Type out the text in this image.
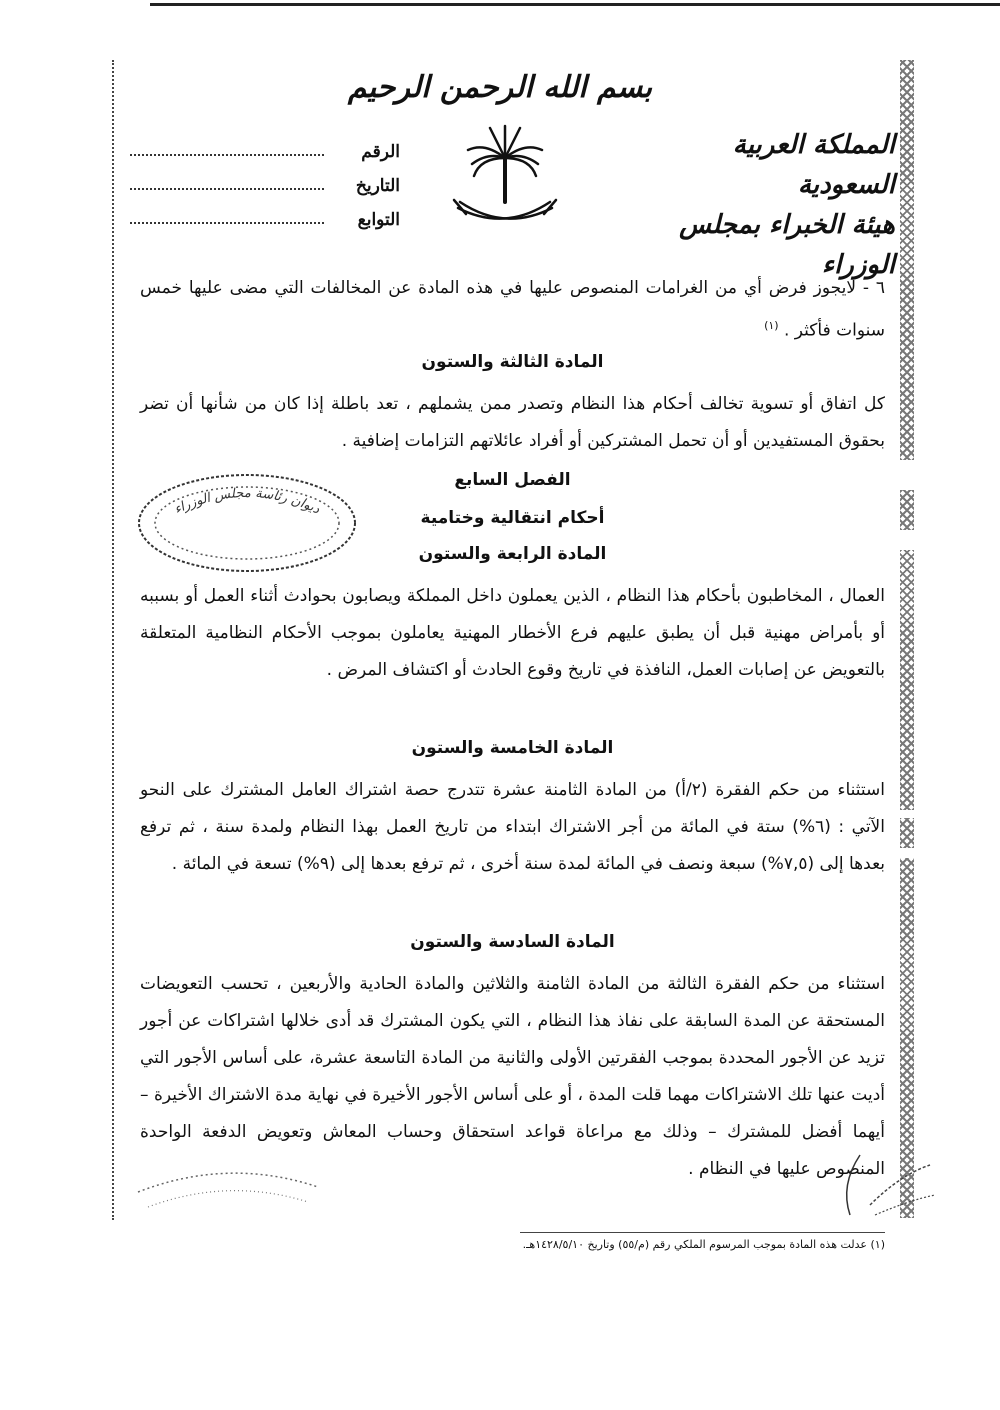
بسم الله الرحمن الرحيم
الرقم
التاريخ
التوابع
المملكة العربية السعودية
هيئة الخبراء بمجلس الوزراء
٦ - لايجوز فرض أي من الغرامات المنصوص عليها في هذه المادة عن المخالفات التي مضى عليها خمس سنوات فأكثر . $^{(١)}$
المادة الثالثة والستون
كل اتفاق أو تسوية تخالف أحكام هذا النظام وتصدر ممن يشملهم ، تعد باطلة إذا كان من شأنها أن تضر بحقوق المستفيدين أو أن تحمل المشتركين أو أفراد عائلاتهم التزامات إضافية .
الفصل السابع
أحكام انتقالية وختامية
المادة الرابعة والستون
العمال ، المخاطبون بأحكام هذا النظام ، الذين يعملون داخل المملكة ويصابون بحوادث أثناء العمل أو بسببه أو بأمراض مهنية قبل أن يطبق عليهم فرع الأخطار المهنية يعاملون بموجب الأحكام النظامية المتعلقة بالتعويض عن إصابات العمل، النافذة في تاريخ وقوع الحادث أو اكتشاف المرض .
المادة الخامسة والستون
استثناء من حكم الفقرة (٢/أ) من المادة الثامنة عشرة تتدرج حصة اشتراك العامل المشترك على النحو الآتي : (٦%) ستة في المائة من أجر الاشتراك ابتداء من تاريخ العمل بهذا النظام ولمدة سنة ، ثم ترفع بعدها إلى (٧,٥%) سبعة ونصف في المائة لمدة سنة أخرى ، ثم ترفع بعدها إلى (٩%) تسعة في المائة .
المادة السادسة والستون
استثناء من حكم الفقرة الثالثة من المادة الثامنة والثلاثين والمادة الحادية والأربعين ، تحسب التعويضات المستحقة عن المدة السابقة على نفاذ هذا النظام ، التي يكون المشترك قد أدى خلالها اشتراكات عن أجور تزيد عن الأجور المحددة بموجب الفقرتين الأولى والثانية من المادة التاسعة عشرة، على أساس الأجور التي أديت عنها تلك الاشتراكات مهما قلت المدة ، أو على أساس الأجور الأخيرة في نهاية مدة الاشتراك الأخيرة – أيهما أفضل للمشترك – وذلك مع مراعاة قواعد استحقاق وحساب المعاش وتعويض الدفعة الواحدة المنصوص عليها في النظام .
ديوان رئاسة مجلس الوزراء
(١) عدلت هذه المادة بموجب المرسوم الملكي رقم (م/٥٥) وتاريخ ١٤٢٨/٥/١٠هـ.
